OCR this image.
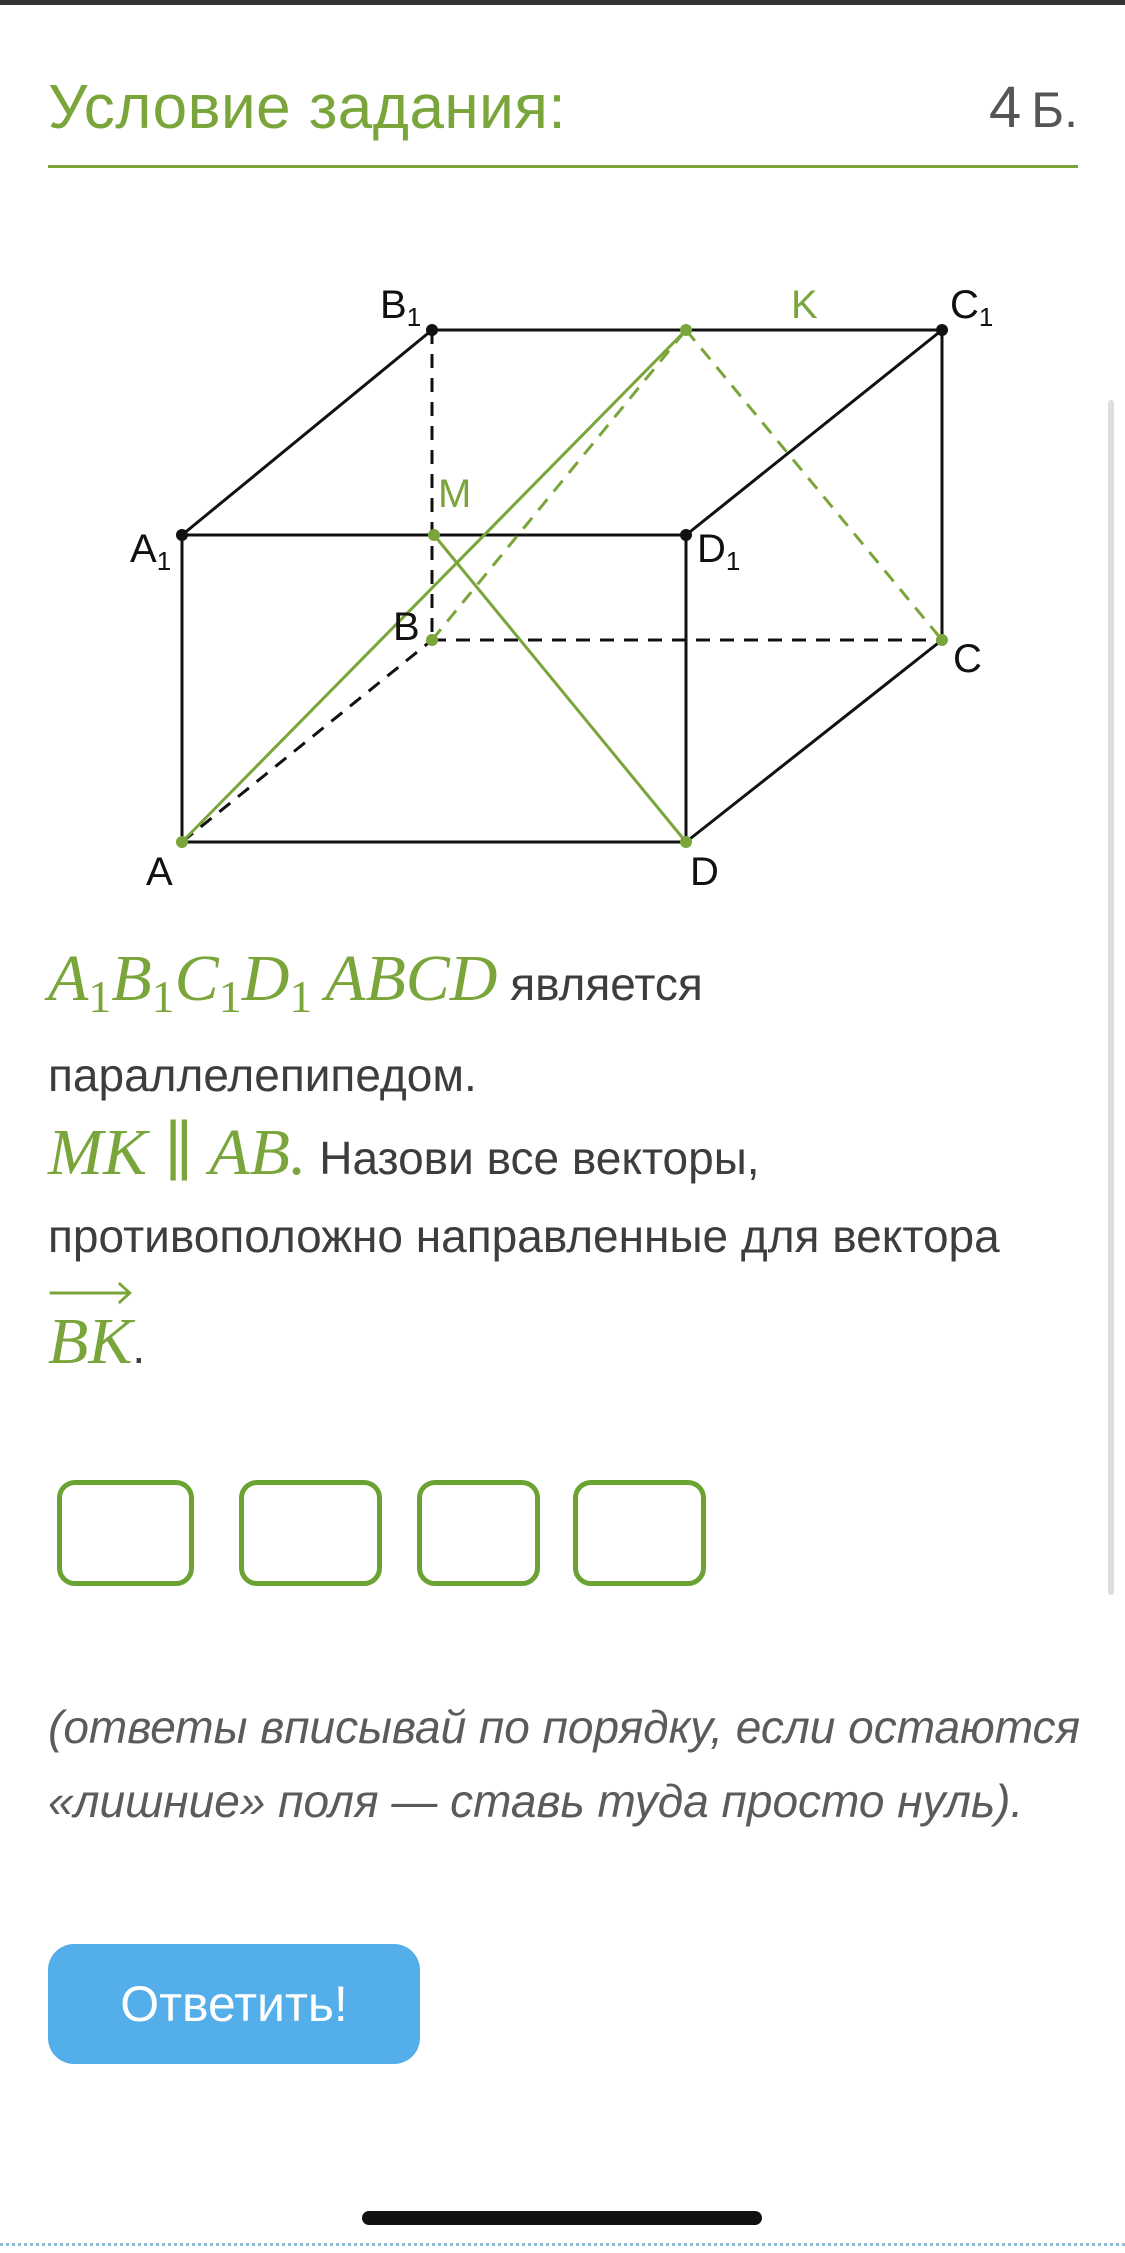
Условие задания:	4 Б.
$B_1$	$C_1$
$A_1$	$D_1$
B
C
A	D
K
M
$A_1B_1C_1D_1$ ABCD является параллелепипедом.
MK ∥ AB. Назови все векторы, противоположно направленные для вектора
BK.
(ответы вписывай по порядку, если остаются «лишние» поля — ставь туда просто нуль).
Ответить!
